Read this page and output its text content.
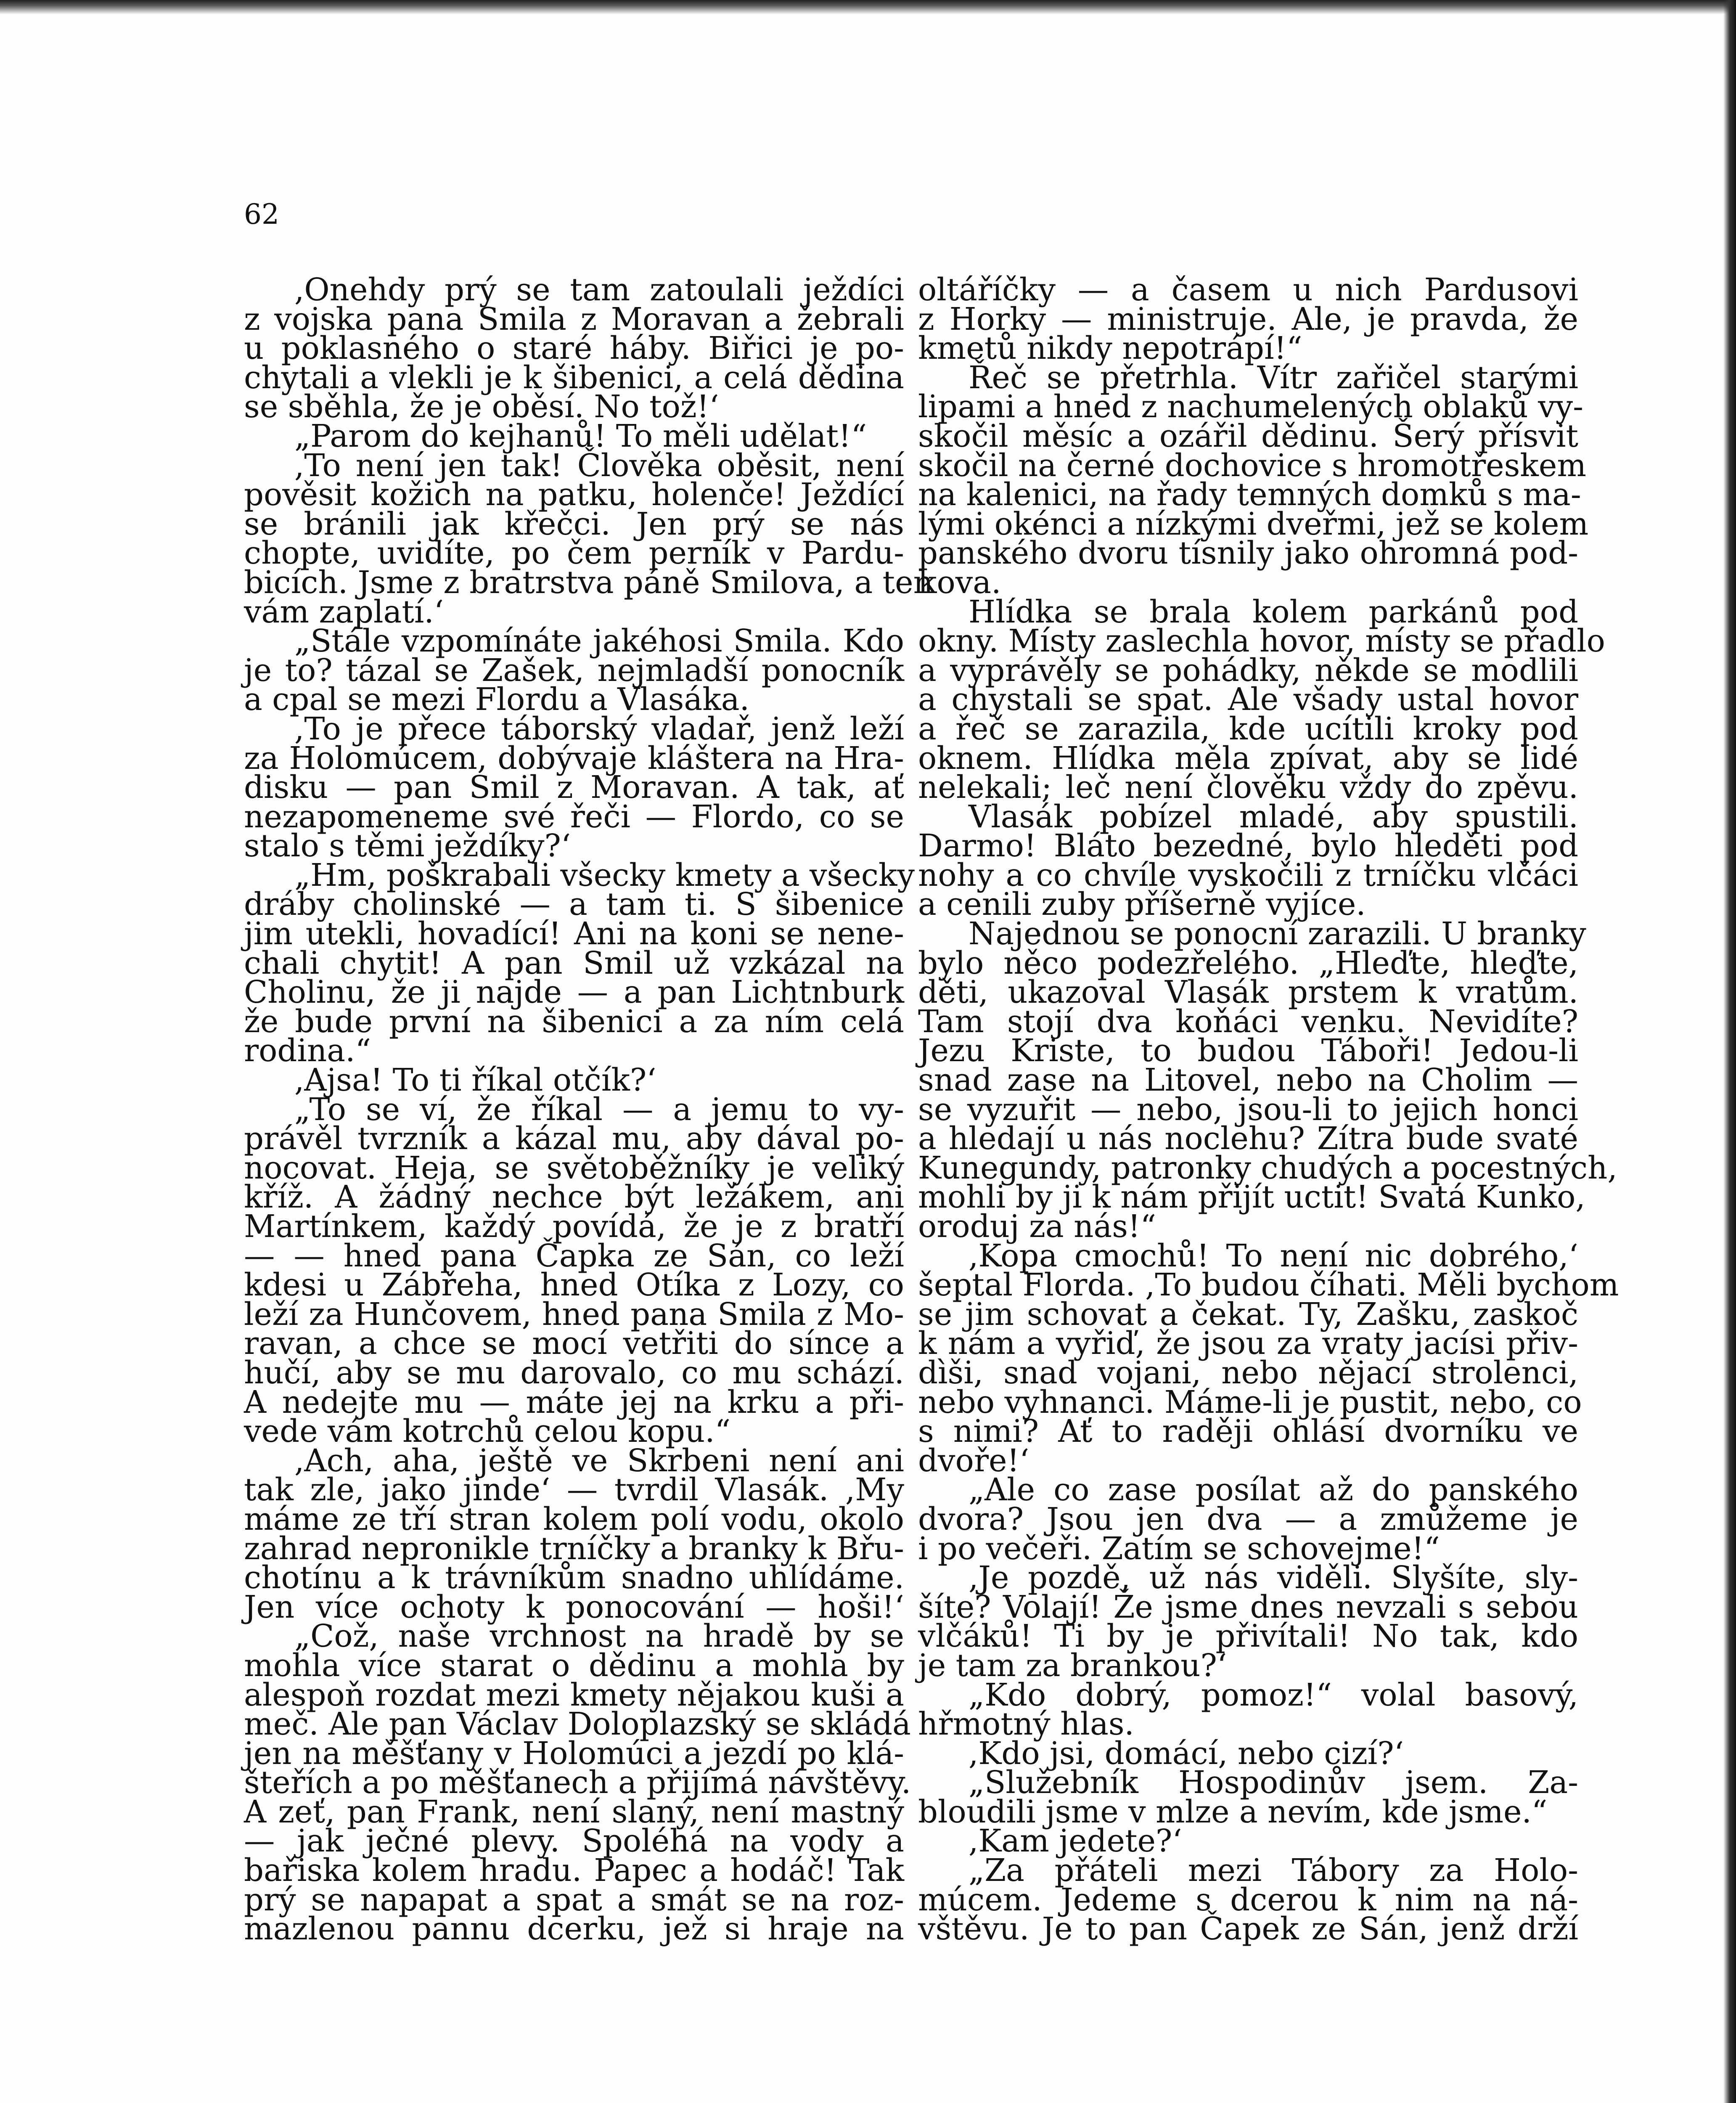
62
,Onehdy prý se tam zatoulali ježdíci
z vojska pana Smila z Moravan a žebrali
u poklasného o staré háby. Biřici je po-
chytali a vlekli je k šibenici, a celá dědina
se sběhla, že je oběsí. No tož!‘
„Parom do kejhanů! To měli udělat!“
,To není jen tak! Člověka oběsit, není
pověsit kožich na patku, holenče! Ježdící
se bránili jak křečci. Jen prý se nás
chopte, uvidíte, po čem perník v Pardu-
bicích. Jsme z bratrstva páně Smilova, a ten
vám zaplatí.‘
„Stále vzpomínáte jakéhosi Smila. Kdo
je to? tázal se Zašek, nejmladší ponocník
a cpal se mezi Flordu a Vlasáka.
,To je přece táborský vladař, jenž leží
za Holomúcem, dobývaje kláštera na Hra-
disku — pan Smil z Moravan. A tak, ať
nezapomeneme své řeči — Flordo, co se
stalo s těmi ježdíky?‘
„Hm, poškrabali všecky kmety a všecky
dráby cholinské — a tam ti. S šibenice
jim utekli, hovadící! Ani na koni se nene-
chali chytit! A pan Smil už vzkázal na
Cholinu, že ji najde — a pan Lichtnburk
že bude první na šibenici a za ním celá
rodina.“
,Ajsa! To ti říkal otčík?‘
„To se ví, že říkal — a jemu to vy-
právěl tvrzník a kázal mu, aby dával po-
nocovat. Heja, se světoběžníky je veliký
kříž. A žádný nechce být ležákem, ani
Martínkem, každý povídá, že je z bratří
— — hned pana Čapka ze Sán, co leží
kdesi u Zábřeha, hned Otíka z Lozy, co
leží za Hunčovem, hned pana Smila z Mo-
ravan, a chce se mocí vetřiti do sínce a
hučí, aby se mu darovalo, co mu schází.
A nedejte mu — máte jej na krku a při-
vede vám kotrchů celou kopu.“
,Ach, aha, ještě ve Skrbeni není ani
tak zle, jako jinde‘ — tvrdil Vlasák. ,My
máme ze tří stran kolem polí vodu, okolo
zahrad nepronikle trníčky a branky k Břu-
chotínu a k trávníkům snadno uhlídáme.
Jen více ochoty k ponocování — hoši!‘
„Což, naše vrchnost na hradě by se
mohla více starat o dědinu a mohla by
alespoň rozdat mezi kmety nějakou kuši a
meč. Ale pan Václav Doloplazský se skládá
jen na měšťany v Holomúci a jezdí po klá-
šteřích a po měšťanech a přijímá návštěvy.
A zeť, pan Frank, není slaný, není mastný
— jak ječné plevy. Spoléhá na vody a
bařiska kolem hradu. Papec a hodáč! Tak
prý se napapat a spat a smát se na roz-
mazlenou pannu dcerku, jež si hraje na
oltáříčky — a časem u nich Pardusovi
z Horky — ministruje. Ale, je pravda, že
kmetů nikdy nepotrápí!“
Řeč se přetrhla. Vítr zařičel starými
lipami a hned z nachumelených oblaků vy-
skočil měsíc a ozářil dědinu. Šerý přísvit
skočil na černé dochovice s hromotřeskem
na kalenici, na řady temných domků s ma-
lými okénci a nízkými dveřmi, jež se kolem
panského dvoru tísnily jako ohromná pod-
kova.
Hlídka se brala kolem parkánů pod
okny. Místy zaslechla hovor, místy se přadlo
a vyprávěly se pohádky, někde se modlili
a chystali se spat. Ale všady ustal hovor
a řeč se zarazila, kde ucítili kroky pod
oknem. Hlídka měla zpívat, aby se lidé
nelekali; leč není člověku vždy do zpěvu.
Vlasák pobízel mladé, aby spustili.
Darmo! Bláto bezedné, bylo hleděti pod
nohy a co chvíle vyskočili z trníčku vlčáci
a cenili zuby příšerně vyjíce.
Najednou se ponocní zarazili. U branky
bylo něco podezřelého. „Hleďte, hleďte,
děti, ukazoval Vlasák prstem k vratům.
Tam stojí dva koňáci venku. Nevidíte?
Jezu Kriste, to budou Táboři! Jedou-li
snad zase na Litovel, nebo na Cholim —
se vyzuřit — nebo, jsou-li to jejich honci
a hledají u nás noclehu? Zítra bude svaté
Kunegundy, patronky chudých a pocestných,
mohli by ji k nám přijít uctit! Svatá Kunko,
oroduj za nás!“
,Kopa cmochů! To není nic dobrého,‘
šeptal Florda. ,To budou číhati. Měli bychom
se jim schovat a čekat. Ty, Zašku, zaskoč
k nám a vyřiď, že jsou za vraty jacísi přiv-
dìši, snad vojani, nebo nějací strolenci,
nebo vyhnanci. Máme-li je pustit, nebo, co
s nimi? Ať to raději ohlásí dvorníku ve
dvoře!‘
„Ale co zase posílat až do panského
dvora? Jsou jen dva — a zmůžeme je
i po večeři. Zatím se schovejme!“
,Je pozdě, už nás viděli. Slyšíte, sly-
šíte? Volají! Že jsme dnes nevzali s sebou
vlčáků! Ti by je přivítali! No tak, kdo
je tam za brankou?‘
„Kdo dobrý, pomoz!“ volal basový,
hřmotný hlas.
,Kdo jsi, domácí, nebo cizí?‘
„Služebník Hospodinův jsem. Za-
bloudili jsme v mlze a nevím, kde jsme.“
,Kam jedete?‘
„Za přáteli mezi Tábory za Holo-
múcem. Jedeme s dcerou k nim na ná-
vštěvu. Je to pan Čapek ze Sán, jenž drží
